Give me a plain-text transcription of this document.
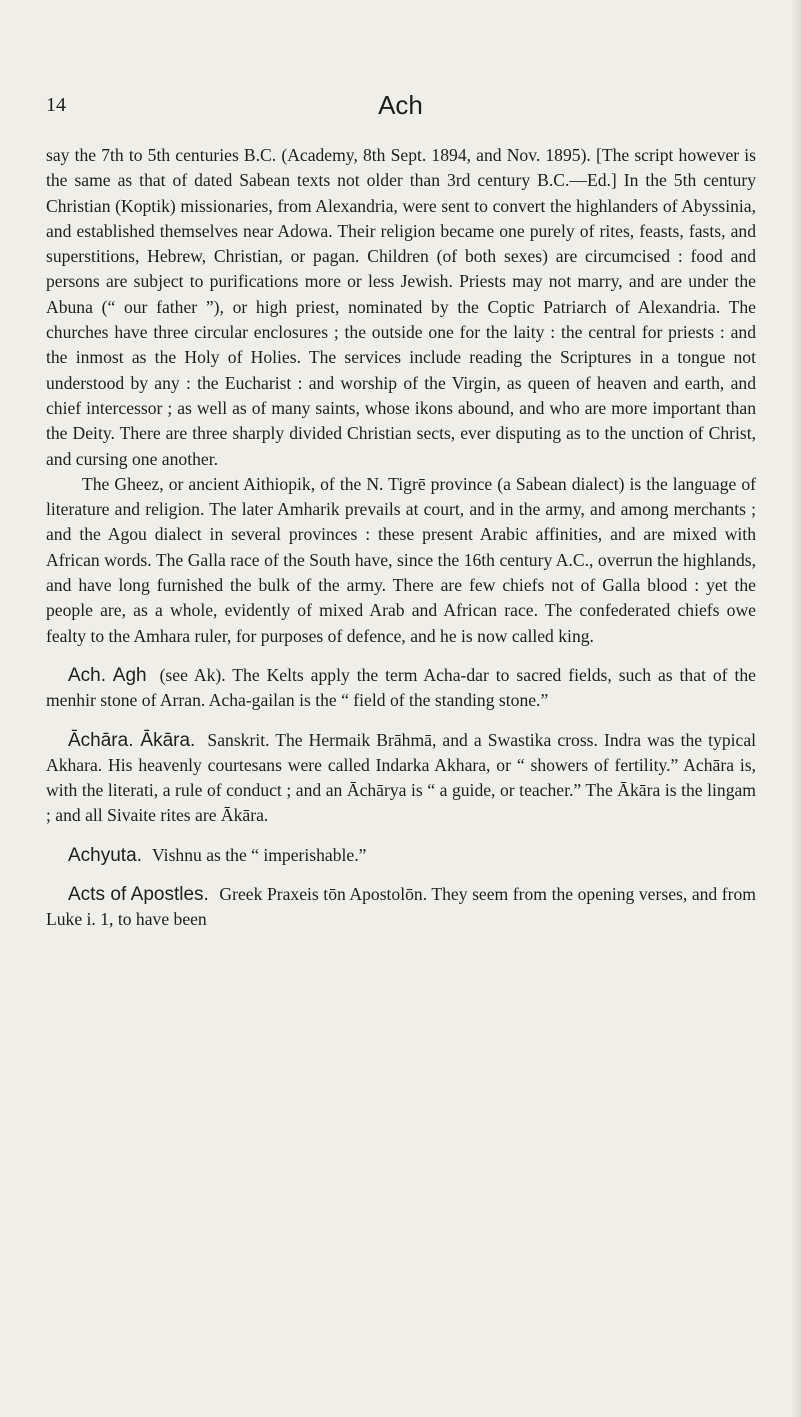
14	Ach

say the 7th to 5th centuries B.C. (Academy, 8th Sept. 1894, and Nov. 1895). [The script however is the same as that of dated Sabean texts not older than 3rd century B.C.—Ed.] In the 5th century Christian (Koptik) missionaries, from Alexandria, were sent to convert the highlanders of Abyssinia, and established themselves near Adowa. Their religion became one purely of rites, feasts, fasts, and superstitions, Hebrew, Christian, or pagan. Children (of both sexes) are circumcised : food and persons are subject to purifications more or less Jewish. Priests may not marry, and are under the Abuna (“ our father ”), or high priest, nominated by the Coptic Patriarch of Alexandria. The churches have three circular enclosures ; the outside one for the laity : the central for priests : and the inmost as the Holy of Holies. The services include reading the Scriptures in a tongue not understood by any : the Eucharist : and worship of the Virgin, as queen of heaven and earth, and chief intercessor ; as well as of many saints, whose ikons abound, and who are more important than the Deity. There are three sharply divided Christian sects, ever disputing as to the unction of Christ, and cursing one another.

The Gheez, or ancient Aithiopik, of the N. Tigrē province (a Sabean dialect) is the language of literature and religion. The later Amharik prevails at court, and in the army, and among merchants ; and the Agou dialect in several provinces : these present Arabic affinities, and are mixed with African words. The Galla race of the South have, since the 16th century A.C., overrun the highlands, and have long furnished the bulk of the army. There are few chiefs not of Galla blood : yet the people are, as a whole, evidently of mixed Arab and African race. The confederated chiefs owe fealty to the Amhara ruler, for purposes of defence, and he is now called king.

Ach. Agh (see Ak). The Kelts apply the term Acha-dar to sacred fields, such as that of the menhir stone of Arran. Acha-gailan is the “ field of the standing stone.”

Āchāra. Ākāra. Sanskrit. The Hermaik Brāhmā, and a Swastika cross. Indra was the typical Akhara. His heavenly courtesans were called Indarka Akhara, or “ showers of fertility.” Achāra is, with the literati, a rule of conduct ; and an Āchārya is “ a guide, or teacher.” The Ākāra is the lingam ; and all Sivaite rites are Ākāra.

Achyuta. Vishnu as the “ imperishable.”

Acts of Apostles. Greek Praxeis tōn Apostolōn. They seem from the opening verses, and from Luke i. 1, to have been
